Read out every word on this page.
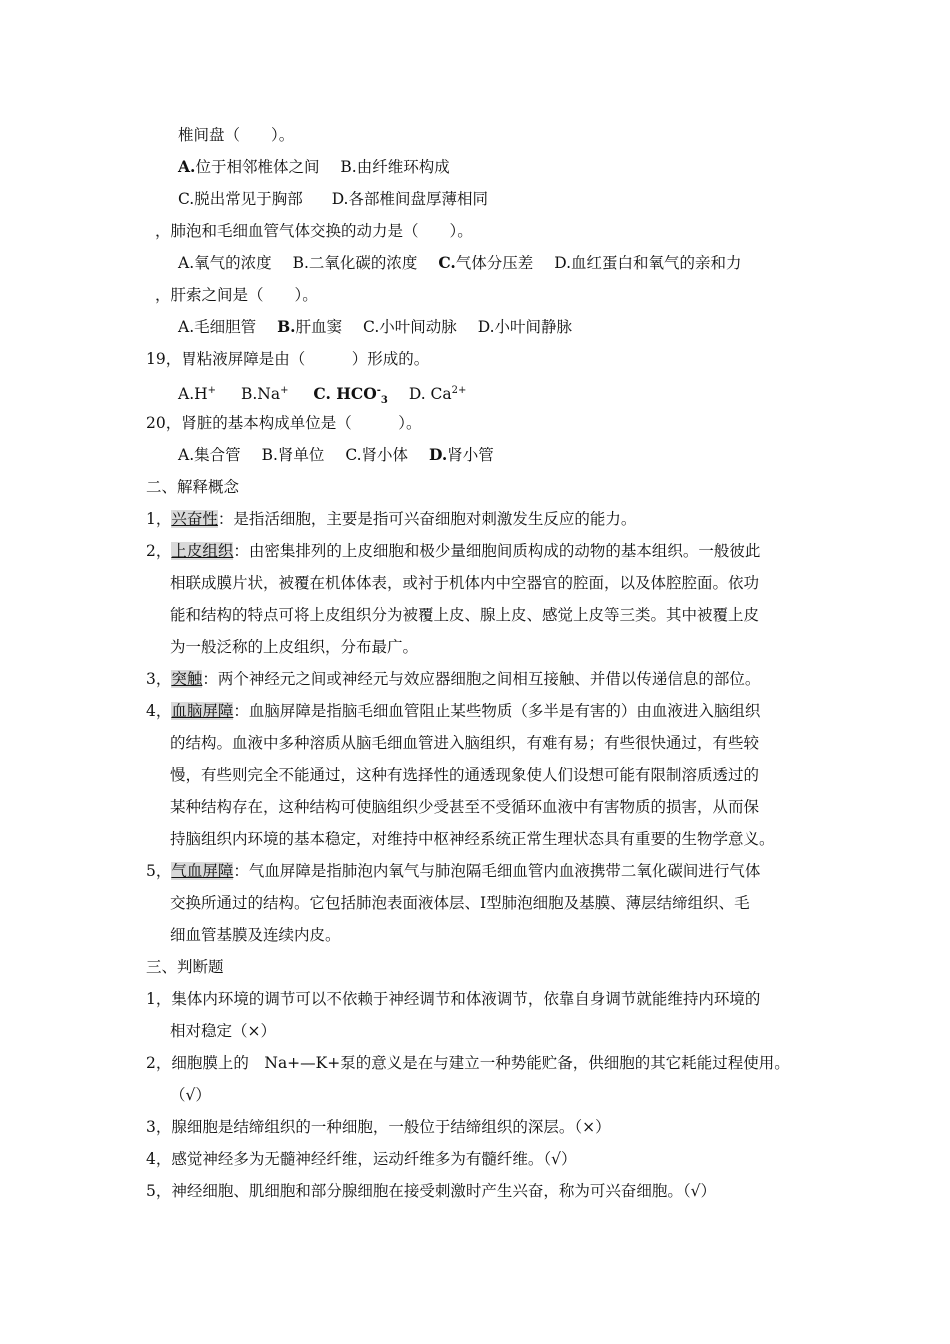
椎间盘（　　）。
A.位于相邻椎体之间 B.由纤维环构成
C.脱出常见于胸部 D.各部椎间盘厚薄相同
，肺泡和毛细血管气体交换的动力是（　　）。
A.氧气的浓度 B.二氧化碳的浓度 C.气体分压差 D.血红蛋白和氧气的亲和力
，肝索之间是（　　）。
A.毛细胆管 B.肝血窦 C.小叶间动脉 D.小叶间静脉
19，胃粘液屏障是由（　　　）形成的。
A.H+ B.Na+ C. $HCO^-_3$ D. $Ca^{2+}$
20，肾脏的基本构成单位是（　　　）。
A.集合管 B.肾单位 C.肾小体 D.肾小管
二、解释概念
1，兴奋性：是指活细胞，主要是指可兴奋细胞对刺激发生反应的能力。
2，上皮组织：由密集排列的上皮细胞和极少量细胞间质构成的动物的基本组织。一般彼此
相联成膜片状，被覆在机体体表，或衬于机体内中空器官的腔面，以及体腔腔面。依功
能和结构的特点可将上皮组织分为被覆上皮、腺上皮、感觉上皮等三类。其中被覆上皮
为一般泛称的上皮组织，分布最广。
3，突触：两个神经元之间或神经元与效应器细胞之间相互接触、并借以传递信息的部位。
4，血脑屏障：血脑屏障是指脑毛细血管阻止某些物质（多半是有害的）由血液进入脑组织
的结构。血液中多种溶质从脑毛细血管进入脑组织，有难有易；有些很快通过，有些较
慢，有些则完全不能通过，这种有选择性的通透现象使人们设想可能有限制溶质透过的
某种结构存在，这种结构可使脑组织少受甚至不受循环血液中有害物质的损害，从而保
持脑组织内环境的基本稳定，对维持中枢神经系统正常生理状态具有重要的生物学意义。
5，气血屏障：气血屏障是指肺泡内氧气与肺泡隔毛细血管内血液携带二氧化碳间进行气体
交换所通过的结构。它包括肺泡表面液体层、Ⅰ型肺泡细胞及基膜、薄层结缔组织、毛
细血管基膜及连续内皮。
三、判断题
1，集体内环境的调节可以不依赖于神经调节和体液调节，依靠自身调节就能维持内环境的
相对稳定（×）
2，细胞膜上的　Na+—K+泵的意义是在与建立一种势能贮备，供细胞的其它耗能过程使用。
（√）
3，腺细胞是结缔组织的一种细胞，一般位于结缔组织的深层。（×）
4，感觉神经多为无髓神经纤维，运动纤维多为有髓纤维。（√）
5，神经细胞、肌细胞和部分腺细胞在接受刺激时产生兴奋，称为可兴奋细胞。（√）
